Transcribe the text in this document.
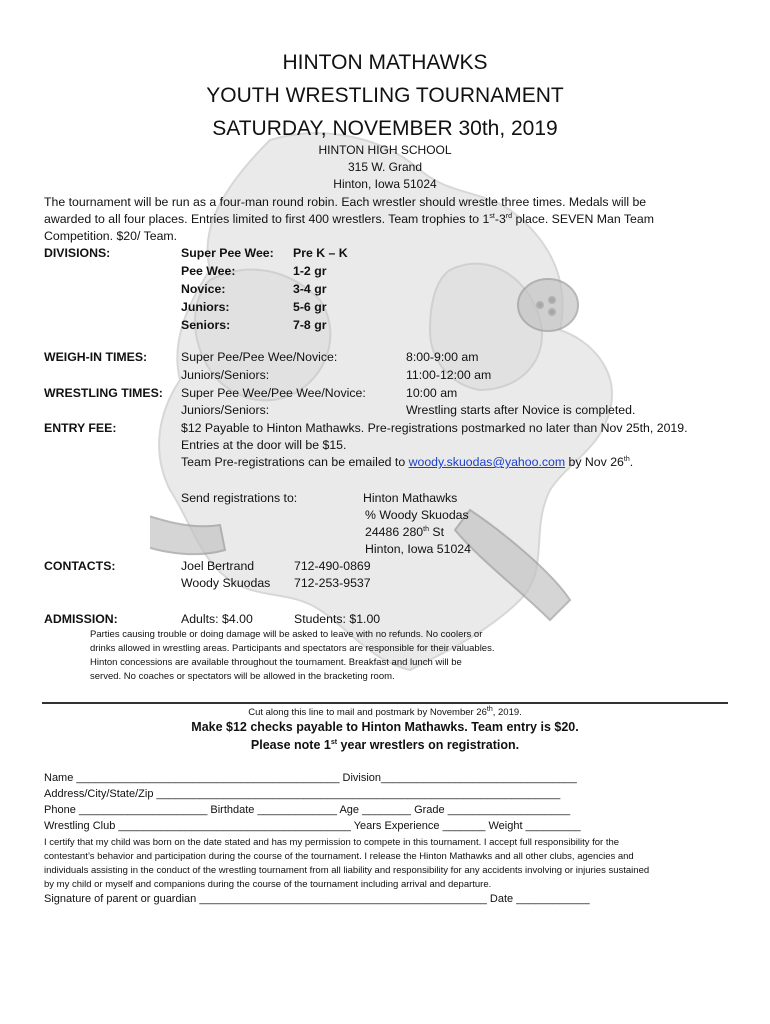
HINTON MATHAWKS
YOUTH WRESTLING TOURNAMENT
SATURDAY, NOVEMBER 30th, 2019
HINTON HIGH SCHOOL
315 W. Grand
Hinton, Iowa 51024
The tournament will be run as a four-man round robin. Each wrestler should wrestle three times. Medals will be
awarded to all four places. Entries limited to first 400 wrestlers. Team trophies to 1st-3rd place. SEVEN Man Team
Competition. $20/ Team.
DIVISIONS:	Super Pee Wee: Pre K – K
Pee Wee:	1-2 gr
Novice:	3-4 gr
Juniors:	5-6 gr
Seniors:	7-8 gr
WEIGH-IN TIMES:	Super Pee/Pee Wee/Novice:	8:00-9:00 am
Juniors/Seniors:	11:00-12:00 am
WRESTLING TIMES: Super Pee Wee/Pee Wee/Novice:	10:00 am
Juniors/Seniors:	Wrestling starts after Novice is completed.
ENTRY FEE:	$12 Payable to Hinton Mathawks. Pre-registrations postmarked no later than Nov 25th, 2019.
Entries at the door will be $15.
Team Pre-registrations can be emailed to woody.skuodas@yahoo.com by Nov 26th.
Send registrations to:	Hinton Mathawks
% Woody Skuodas
24486 280th St
Hinton, Iowa 51024
CONTACTS:	Joel Bertrand	712-490-0869
Woody Skuodas 712-253-9537
ADMISSION:	Adults: $4.00	Students: $1.00
Parties causing trouble or doing damage will be asked to leave with no refunds. No coolers or
drinks allowed in wrestling areas. Participants and spectators are responsible for their valuables.
Hinton concessions are available throughout the tournament. Breakfast and lunch will be
served. No coaches or spectators will be allowed in the bracketing room.
Cut along this line to mail and postmark by November 26th, 2019.
Make $12 checks payable to Hinton Mathawks. Team entry is $20.
Please note 1st year wrestlers on registration.
Name ___________________________________________ Division________________________________
Address/City/State/Zip __________________________________________________________________
Phone _____________________ Birthdate _____________ Age ________ Grade ____________________
Wrestling Club ______________________________________ Years Experience _______ Weight _________
I certify that my child was born on the date stated and has my permission to compete in this tournament. I accept full responsibility for the
contestant’s behavior and participation during the course of the tournament. I release the Hinton Mathawks and all other clubs, agencies and
individuals assisting in the conduct of the wrestling tournament from all liability and responsibility for any accidents involving or injuries sustained
by my child or myself and companions during the course of the tournament including arrival and departure.
Signature of parent or guardian _______________________________________________ Date ____________
